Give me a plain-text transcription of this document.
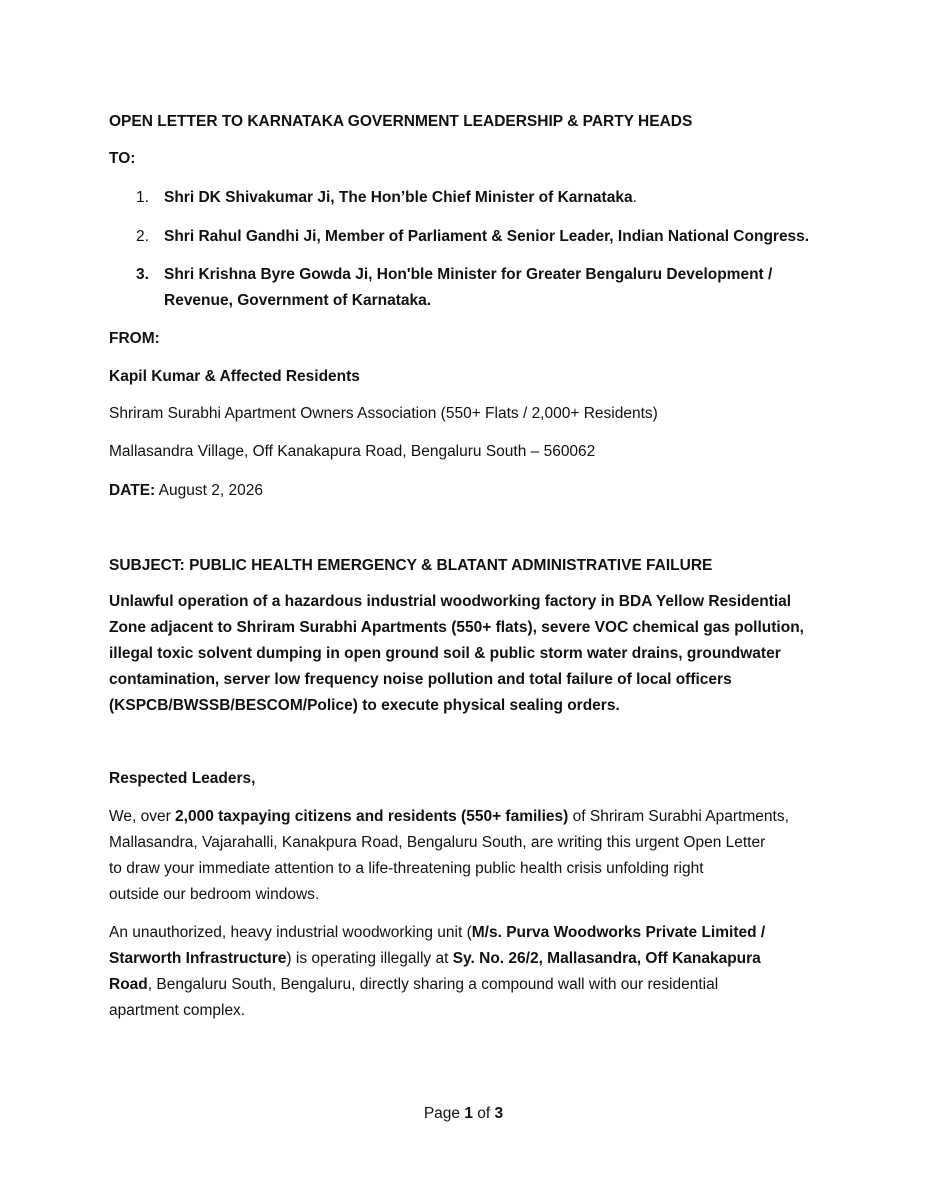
OPEN LETTER TO KARNATAKA GOVERNMENT LEADERSHIP & PARTY HEADS

TO:

1. Shri DK Shivakumar Ji, The Hon’ble Chief Minister of Karnataka.
2. Shri Rahul Gandhi Ji, Member of Parliament & Senior Leader, Indian National Congress.
3. Shri Krishna Byre Gowda Ji, Hon'ble Minister for Greater Bengaluru Development /
Revenue, Government of Karnataka.

FROM:

Kapil Kumar & Affected Residents

Shriram Surabhi Apartment Owners Association (550+ Flats / 2,000+ Residents)

Mallasandra Village, Off Kanakapura Road, Bengaluru South – 560062

DATE: August 2, 2026

SUBJECT: PUBLIC HEALTH EMERGENCY & BLATANT ADMINISTRATIVE FAILURE

Unlawful operation of a hazardous industrial woodworking factory in BDA Yellow Residential
Zone adjacent to Shriram Surabhi Apartments (550+ flats), severe VOC chemical gas pollution,
illegal toxic solvent dumping in open ground soil & public storm water drains, groundwater
contamination, server low frequency noise pollution and total failure of local officers
(KSPCB/BWSSB/BESCOM/Police) to execute physical sealing orders.

Respected Leaders,

We, over 2,000 taxpaying citizens and residents (550+ families) of Shriram Surabhi Apartments,
Mallasandra, Vajarahalli, Kanakpura Road, Bengaluru South, are writing this urgent Open Letter
to draw your immediate attention to a life-threatening public health crisis unfolding right
outside our bedroom windows.
An unauthorized, heavy industrial woodworking unit (M/s. Purva Woodworks Private Limited /
Starworth Infrastructure) is operating illegally at Sy. No. 26/2, Mallasandra, Off Kanakapura
Road, Bengaluru South, Bengaluru, directly sharing a compound wall with our residential
apartment complex.
Page 1 of 3
